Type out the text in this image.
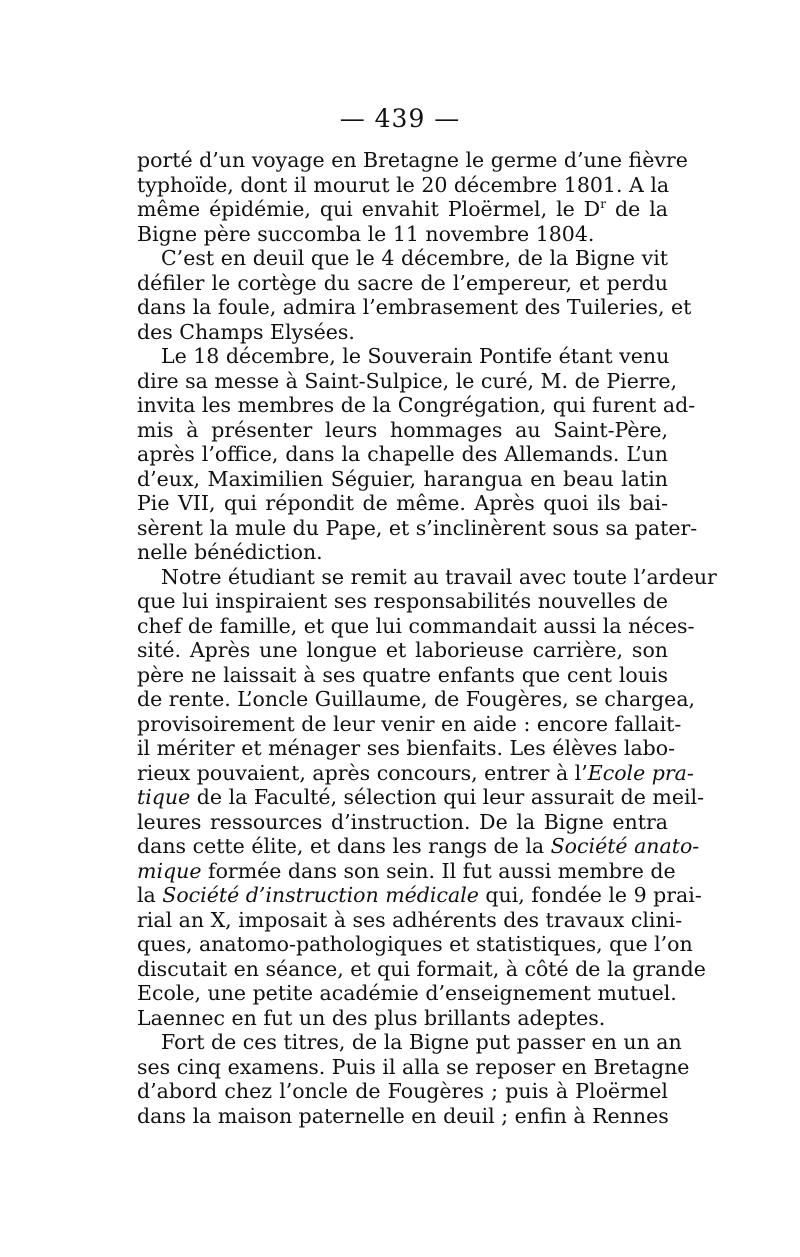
— 439 —
porté d’un voyage en Bretagne le germe d’une fièvre
typhoïde, dont il mourut le 20 décembre 1801. A la
même épidémie, qui envahit Ploërmel, le $D^r$ de la
Bigne père succomba le 11 novembre 1804.
C’est en deuil que le 4 décembre, de la Bigne vit
défiler le cortège du sacre de l’empereur, et perdu
dans la foule, admira l’embrasement des Tuileries, et
des Champs Elysées.
Le 18 décembre, le Souverain Pontife étant venu
dire sa messe à Saint-Sulpice, le curé, M. de Pierre,
invita les membres de la Congrégation, qui furent ad-
mis à présenter leurs hommages au Saint-Père,
après l’office, dans la chapelle des Allemands. L’un
d’eux, Maximilien Séguier, harangua en beau latin
Pie VII, qui répondit de même. Après quoi ils bai-
sèrent la mule du Pape, et s’inclinèrent sous sa pater-
nelle bénédiction.
Notre étudiant se remit au travail avec toute l’ardeur
que lui inspiraient ses responsabilités nouvelles de
chef de famille, et que lui commandait aussi la néces-
sité. Après une longue et laborieuse carrière, son
père ne laissait à ses quatre enfants que cent louis
de rente. L’oncle Guillaume, de Fougères, se chargea,
provisoirement de leur venir en aide : encore fallait-
il mériter et ménager ses bienfaits. Les élèves labo-
rieux pouvaient, après concours, entrer à l’Ecole pra-
tique de la Faculté, sélection qui leur assurait de meil-
leures ressources d’instruction. De la Bigne entra
dans cette élite, et dans les rangs de la Société anato-
mique formée dans son sein. Il fut aussi membre de
la Société d’instruction médicale qui, fondée le 9 prai-
rial an X, imposait à ses adhérents des travaux clini-
ques, anatomo-pathologiques et statistiques, que l’on
discutait en séance, et qui formait, à côté de la grande
Ecole, une petite académie d’enseignement mutuel.
Laennec en fut un des plus brillants adeptes.
Fort de ces titres, de la Bigne put passer en un an
ses cinq examens. Puis il alla se reposer en Bretagne
d’abord chez l’oncle de Fougères ; puis à Ploërmel
dans la maison paternelle en deuil ; enfin à Rennes
